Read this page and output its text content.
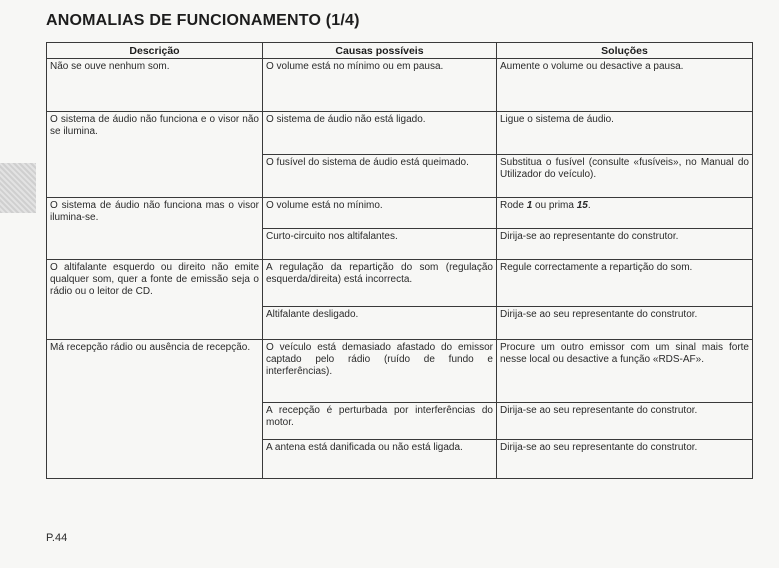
ANOMALIAS DE FUNCIONAMENTO (1/4)
Descrição	Causas possíveis	Soluções
Não se ouve nenhum som.	O volume está no mínimo ou em pausa.	Aumente o volume ou desactive a pausa.
O sistema de áudio não funciona e o visor não se ilumina.	O sistema de áudio não está ligado.	Ligue o sistema de áudio.
	O fusível do sistema de áudio está queimado.	Substitua o fusível (consulte «fusíveis», no Manual do Utilizador do veículo).
O sistema de áudio não funciona mas o visor ilumina-se.	O volume está no mínimo.	Rode 1 ou prima 15.
	Curto-circuito nos altifalantes.	Dirija-se ao representante do construtor.
O altifalante esquerdo ou direito não emite qualquer som, quer a fonte de emissão seja o rádio ou o leitor de CD.	A regulação da repartição do som (regulação esquerda/direita) está incorrecta.	Regule correctamente a repartição do som.
	Altifalante desligado.	Dirija-se ao seu representante do construtor.
Má recepção rádio ou ausência de recepção.	O veículo está demasiado afastado do emissor captado pelo rádio (ruído de fundo e interferências).	Procure um outro emissor com um sinal mais forte nesse local ou desactive a função «RDS-AF».
	A recepção é perturbada por interferências do motor.	Dirija-se ao seu representante do construtor.
	A antena está danificada ou não está ligada.	Dirija-se ao seu representante do construtor.
P.44
